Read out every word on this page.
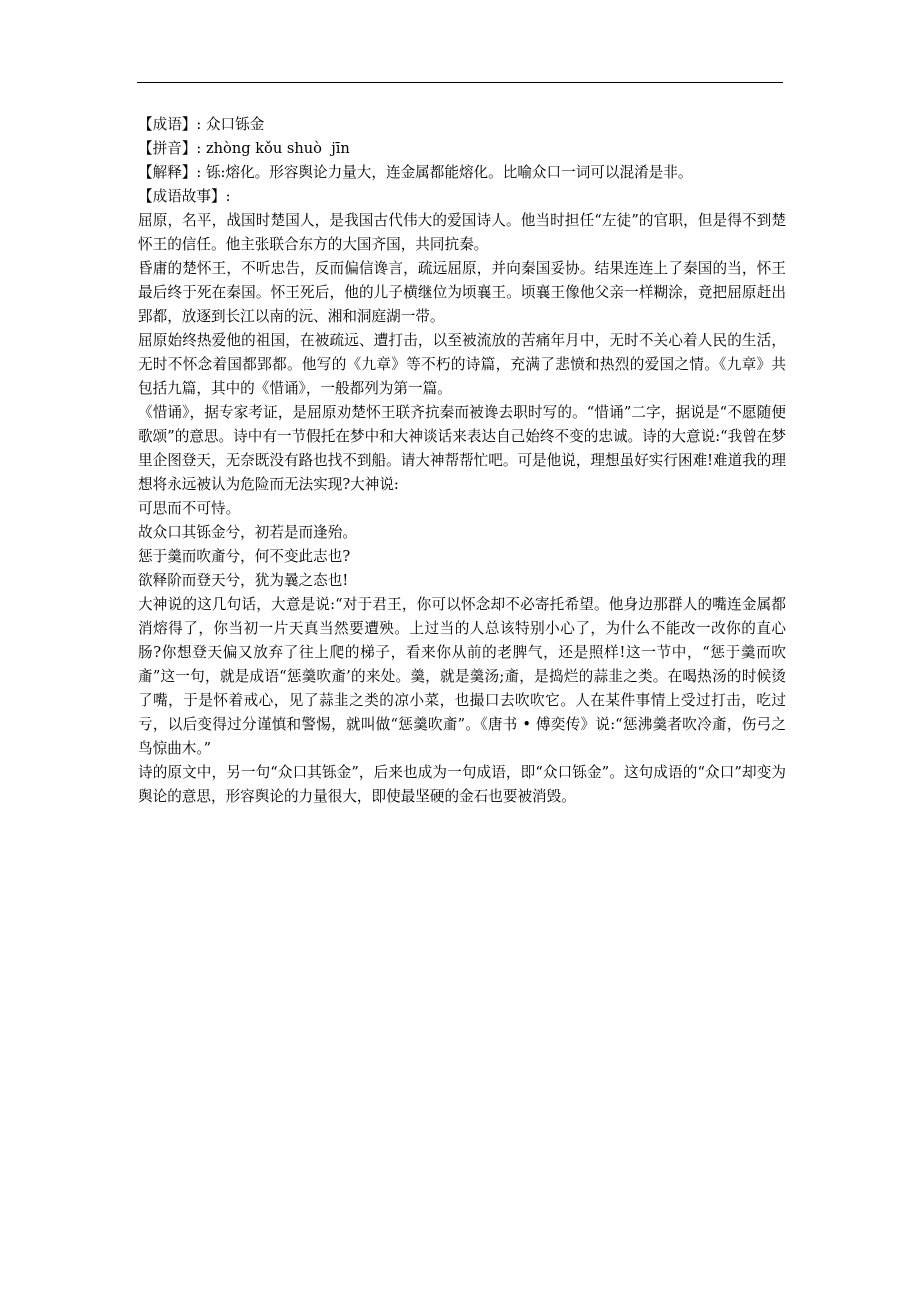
【成语】: 众口铄金

【拼音】: zhòng kǒu shuò  jīn

【解释】: 铄:熔化。形容舆论力量大，连金属都能熔化。比喻众口一词可以混淆是非。

【成语故事】:

屈原，名平，战国时楚国人，是我国古代伟大的爱国诗人。他当时担任“左徒”的官职，但是得不到楚怀王的信任。他主张联合东方的大国齐国，共同抗秦。

昏庸的楚怀王，不听忠告，反而偏信谗言，疏远屈原，并向秦国妥协。结果连连上了秦国的当，怀王最后终于死在秦国。怀王死后，他的儿子横继位为顷襄王。顷襄王像他父亲一样糊涂，竟把屈原赶出郢都，放逐到长江以南的沅、湘和洞庭湖一带。

屈原始终热爱他的祖国，在被疏远、遭打击，以至被流放的苦痛年月中，无时不关心着人民的生活，无时不怀念着国都郢都。他写的《九章》等不朽的诗篇，充满了悲愤和热烈的爱国之情。《九章》共包括九篇，其中的《惜诵》，一般都列为第一篇。

《惜诵》，据专家考证，是屈原劝楚怀王联齐抗秦而被谗去职时写的。“惜诵”二字，据说是“不愿随便歌颂”的意思。诗中有一节假托在梦中和大神谈话来表达自己始终不变的忠诚。诗的大意说:“我曾在梦里企图登天，无奈既没有路也找不到船。请大神帮帮忙吧。可是他说，理想虽好实行困难!难道我的理想将永远被认为危险而无法实现?大神说:

可思而不可恃。

故众口其铄金兮，初若是而逢殆。

惩于羹而吹齑兮，何不变此志也?

欲释阶而登天兮，犹为曩之态也!

大神说的这几句话，大意是说:“对于君王，你可以怀念却不必寄托希望。他身边那群人的嘴连金属都消熔得了，你当初一片天真当然要遭殃。上过当的人总该特别小心了，为什么不能改一改你的直心肠?你想登天偏又放弃了往上爬的梯子，看来你从前的老脾气，还是照样!这一节中，“惩于羹而吹齑”这一句，就是成语“惩羹吹齑’的来处。羹，就是羹汤;齑，是捣烂的蒜韭之类。在喝热汤的时候烫了嘴，于是怀着戒心，见了蒜韭之类的凉小菜，也撮口去吹吹它。人在某件事情上受过打击，吃过亏，以后变得过分谨慎和警惕，就叫做“惩羹吹齑”。《唐书 • 傅奕传》说:“惩沸羹者吹冷齑，伤弓之鸟惊曲木。”

诗的原文中，另一句“众口其铄金”，后来也成为一句成语，即“众口铄金”。这句成语的“众口”却变为舆论的意思，形容舆论的力量很大，即使最坚硬的金石也要被消毁。
